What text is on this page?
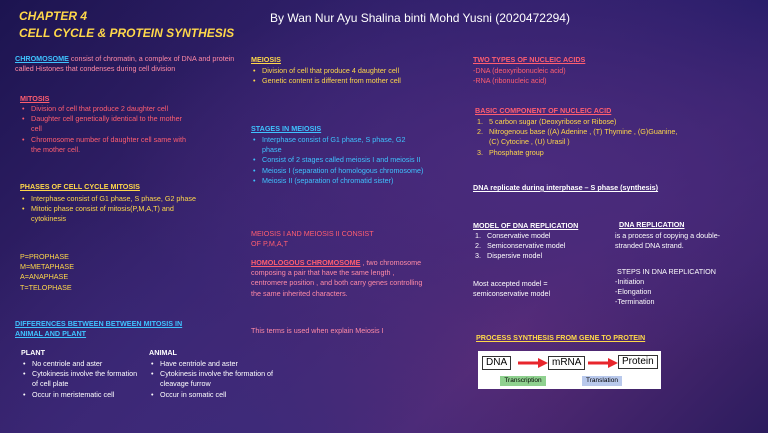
CHAPTER 4
CELL CYCLE & PROTEIN SYNTHESIS
By Wan Nur Ayu Shalina binti Mohd Yusni (2020472294)
CHROMOSOME consist of chromatin, a complex of DNA and protein called Histones that condenses during cell division
MITOSIS
• Division of cell that produce 2 daughter cell
• Daughter cell genetically identical to the mother cell
• Chromosome number of daughter cell same with the mother cell.
PHASES OF CELL CYCLE MITOSIS
• Interphase consist of G1 phase, S phase, G2 phase
• Mitotic phase consist of mitosis(P,M,A,T) and cytokinesis
P=PROPHASE
M=METAPHASE
A=ANAPHASE
T=TELOPHASE
DIFFERENCES BETWEEN BETWEEN MITOSIS IN ANIMAL AND PLANT
PLANT
• No centriole and aster
• Cytokinesis involve the formation of cell plate
• Occur in meristematic cell
ANIMAL
• Have centriole and aster
• Cytokinesis involve the formation of cleavage furrow
• Occur in somatic cell
MEIOSIS
• Division of cell that produce 4 daughter cell
• Genetic content is different from mother cell
STAGES IN MEIOSIS
• Interphase consist of G1 phase, S phase, G2 phase
• Consist of 2 stages called meiosis I and meiosis II
• Meiosis I (separation of homologous chromosome)
• Meiosis II (separation of chromatid sister)
MEIOSIS I AND MEIOSIS II CONSIST OF P,M,A,T
HOMOLOGOUS CHROMOSOME , two chromosome composing a pair that have the same length , centromere position , and both carry genes controlling the same inherited characters.
This terms is used when explain Meiosis I
TWO TYPES OF NUCLEIC ACIDS
-DNA (deoxyribonucleic acid)
-RNA (ribonucleic acid)
BASIC COMPONENT OF NUCLEIC ACID
1. 5 carbon sugar (Deoxyribose or Ribose)
2. Nitrogenous base ((A) Adenine , (T) Thymine , (G)Guanine, (C) Cytocine , (U) Urasil )
3. Phosphate group
DNA replicate during interphase – S phase (synthesis)
MODEL OF DNA REPLICATION
1. Conservative model
2. Semiconservative model
3. Dispersive model
Most accepted model = semiconservative model
DNA REPLICATION
is a process of copying a double-stranded DNA strand.
STEPS IN DNA REPLICATION
-Initiation
-Elongation
-Termination
PROCESS SYNTHESIS FROM GENE TO PROTEIN
DNA	mRNA	Protein
Transcription	Translation
